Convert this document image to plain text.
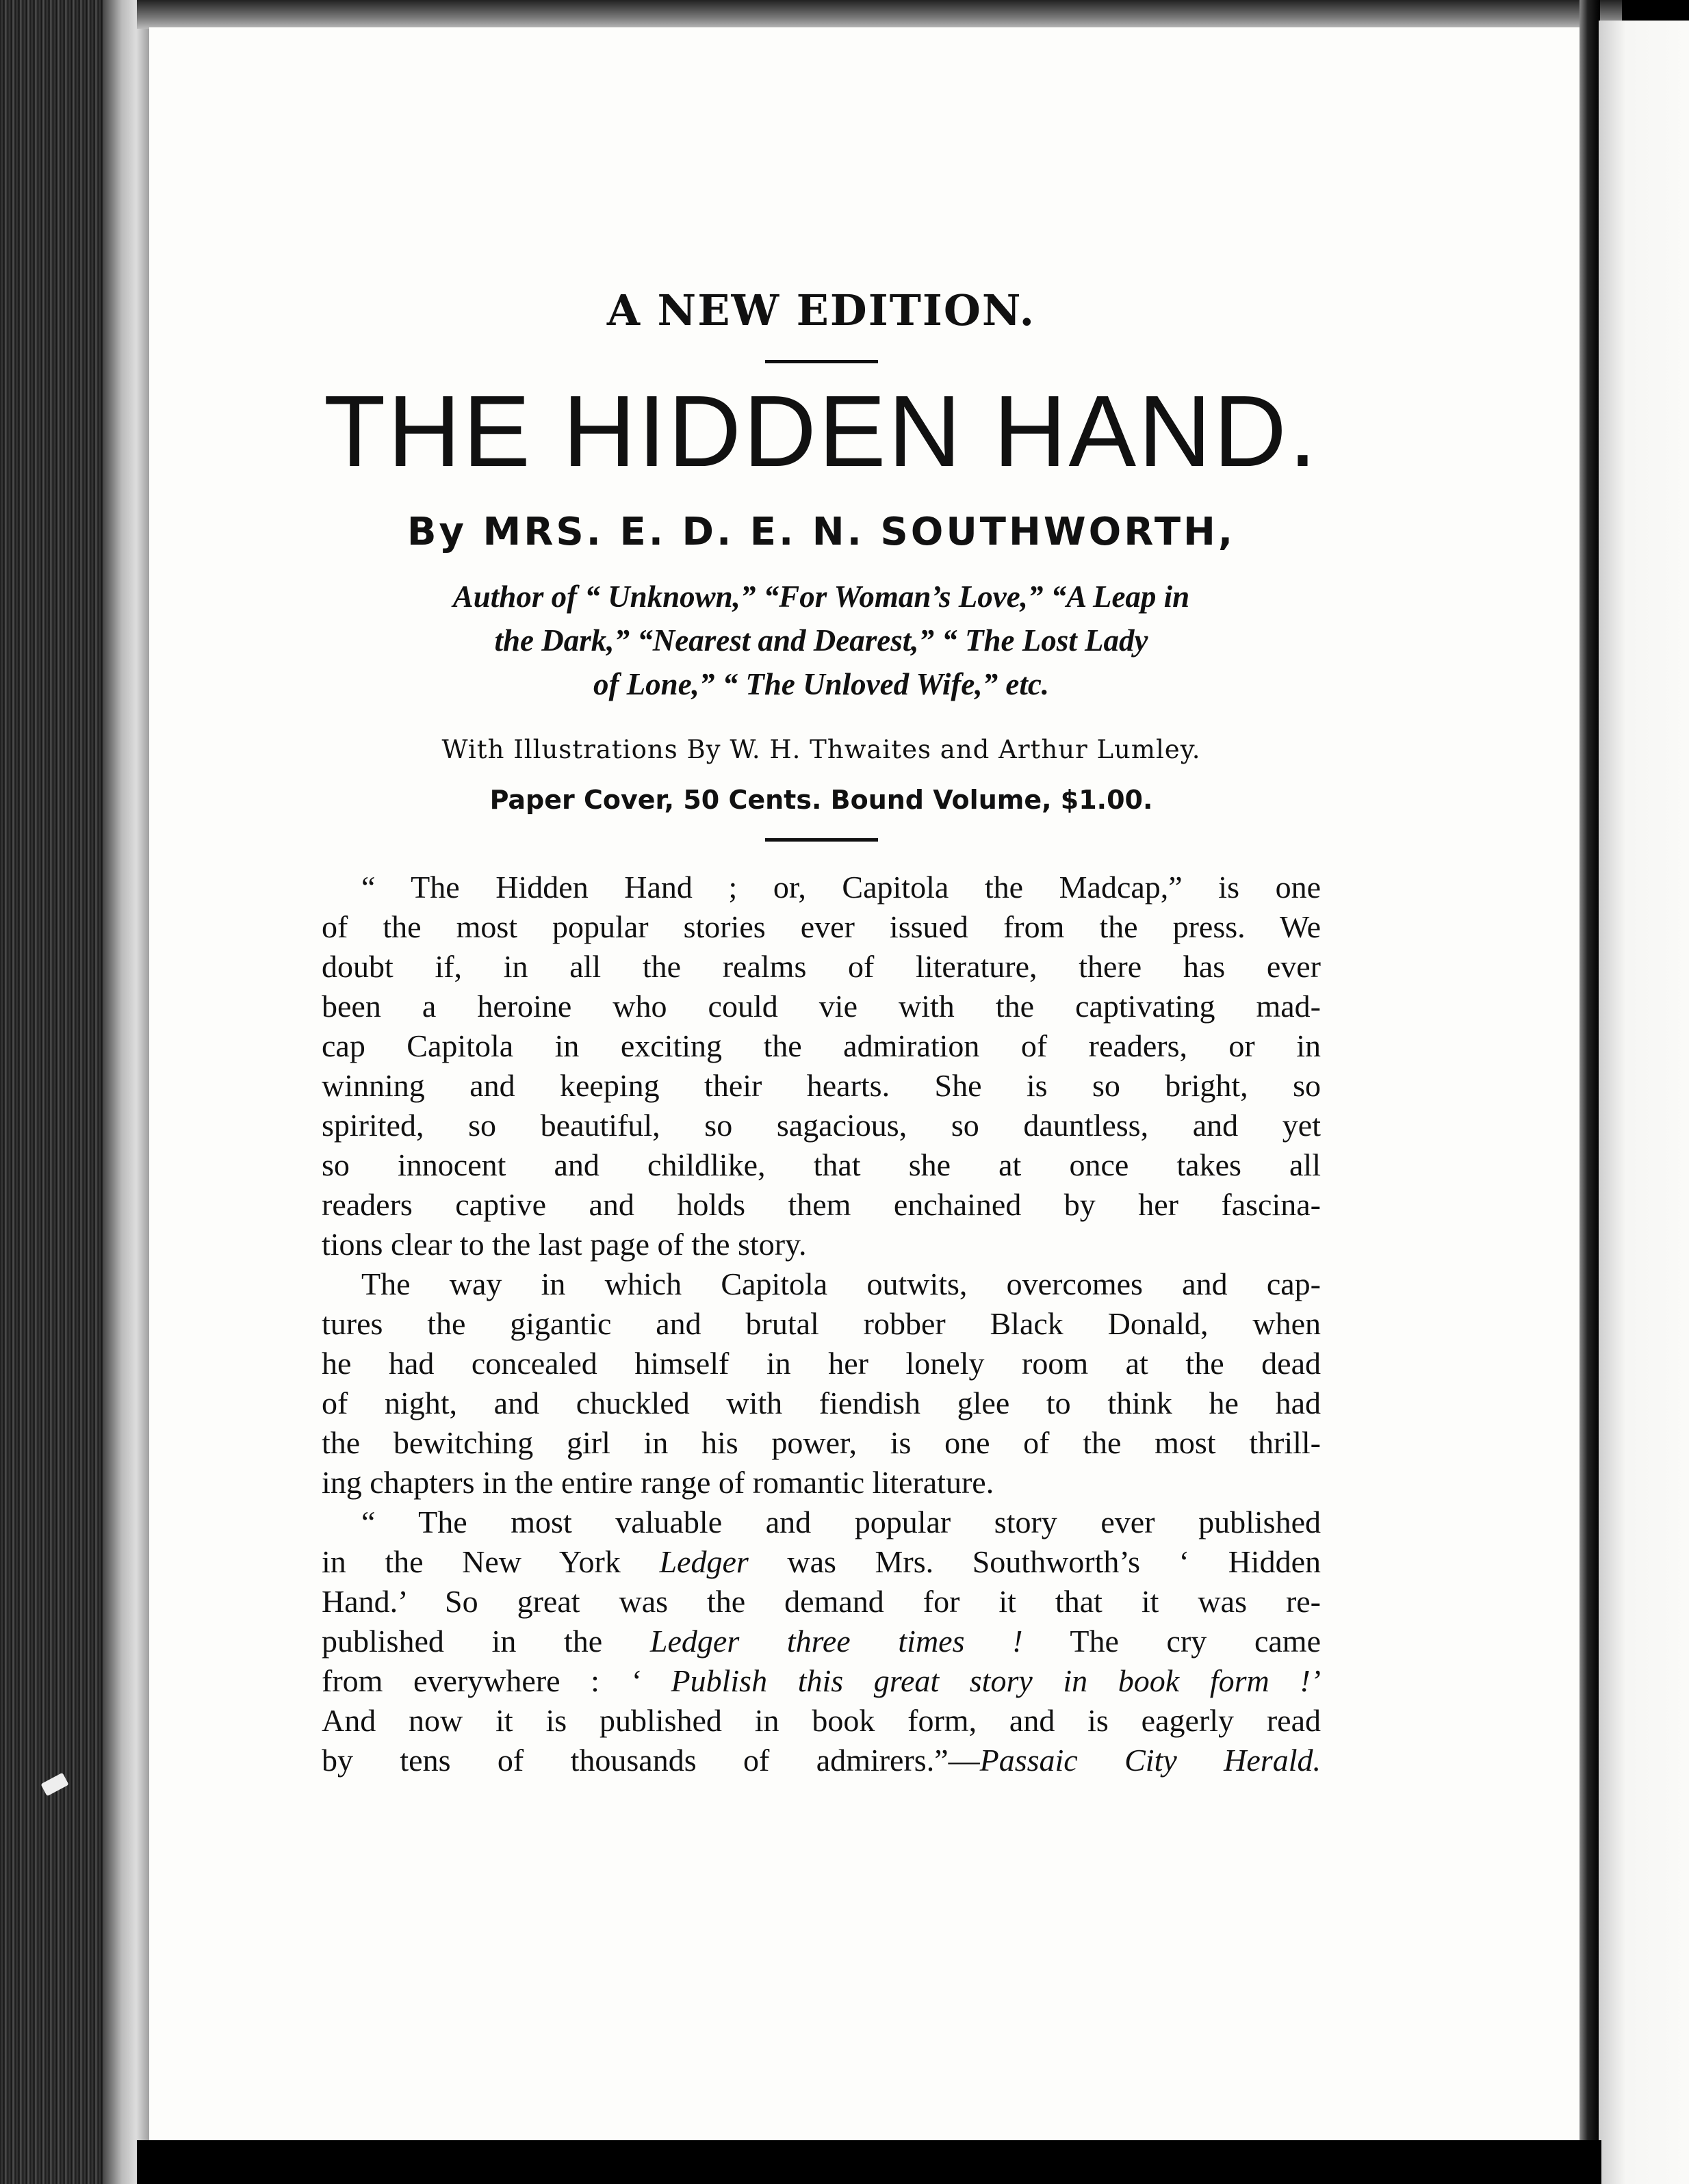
A NEW EDITION.

THE HIDDEN HAND.

By MRS. E. D. E. N. SOUTHWORTH,

Author of “ Unknown,” “For Woman’s Love,” “A Leap in
the Dark,” “Nearest and Dearest,” “ The Lost Lady
of Lone,” “ The Unloved Wife,” etc.

With Illustrations By W. H. Thwaites and Arthur Lumley.

Paper Cover, 50 Cents. Bound Volume, $1.00.

“ The Hidden Hand ; or, Capitola the Madcap,” is one
of the most popular stories ever issued from the press. We
doubt if, in all the realms of literature, there has ever
been a heroine who could vie with the captivating mad-
cap Capitola in exciting the admiration of readers, or in
winning and keeping their hearts. She is so bright, so
spirited, so beautiful, so sagacious, so dauntless, and yet
so innocent and childlike, that she at once takes all
readers captive and holds them enchained by her fascina-
tions clear to the last page of the story.

The way in which Capitola outwits, overcomes and cap-
tures the gigantic and brutal robber Black Donald, when
he had concealed himself in her lonely room at the dead
of night, and chuckled with fiendish glee to think he had
the bewitching girl in his power, is one of the most thrill-
ing chapters in the entire range of romantic literature.

“ The most valuable and popular story ever published
in the New York Ledger was Mrs. Southworth’s ‘ Hidden
Hand.’ So great was the demand for it that it was re-
published in the Ledger three times ! The cry came
from everywhere : ‘ Publish this great story in book form !’
And now it is published in book form, and is eagerly read
by tens of thousands of admirers.”—Passaic City Herald.
